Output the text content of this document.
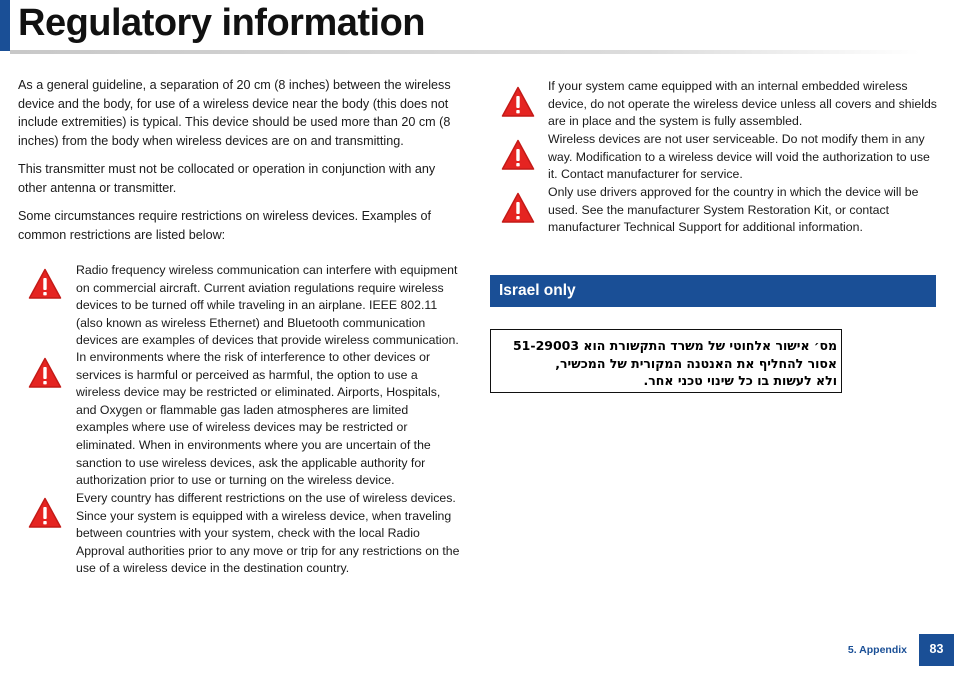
Regulatory information

As a general guideline, a separation of 20 cm (8 inches) between the wireless device and the body, for use of a wireless device near the body (this does not include extremities) is typical. This device should be used more than 20 cm (8 inches) from the body when wireless devices are on and transmitting.

This transmitter must not be collocated or operation in conjunction with any other antenna or transmitter.

Some circumstances require restrictions on wireless devices. Examples of common restrictions are listed below:

Radio frequency wireless communication can interfere with equipment on commercial aircraft. Current aviation regulations require wireless devices to be turned off while traveling in an airplane. IEEE 802.11 (also known as wireless Ethernet) and Bluetooth communication devices are examples of devices that provide wireless communication.
In environments where the risk of interference to other devices or services is harmful or perceived as harmful, the option to use a wireless device may be restricted or eliminated. Airports, Hospitals, and Oxygen or flammable gas laden atmospheres are limited examples where use of wireless devices may be restricted or eliminated. When in environments where you are uncertain of the sanction to use wireless devices, ask the applicable authority for authorization prior to use or turning on the wireless device.
Every country has different restrictions on the use of wireless devices. Since your system is equipped with a wireless device, when traveling between countries with your system, check with the local Radio Approval authorities prior to any move or trip for any restrictions on the use of a wireless device in the destination country.
If your system came equipped with an internal embedded wireless device, do not operate the wireless device unless all covers and shields are in place and the system is fully assembled.
Wireless devices are not user serviceable. Do not modify them in any way. Modification to a wireless device will void the authorization to use it. Contact manufacturer for service.
Only use drivers approved for the country in which the device will be used. See the manufacturer System Restoration Kit, or contact manufacturer Technical Support for additional information.
Israel only
מס׳ אישור אלחוטי של משרד התקשורת הוא 51-29003
אסור להחליף את האנטנה המקורית של המכשיר,
ולא לעשות בו כל שינוי טכני אחר.
5. Appendix	83
